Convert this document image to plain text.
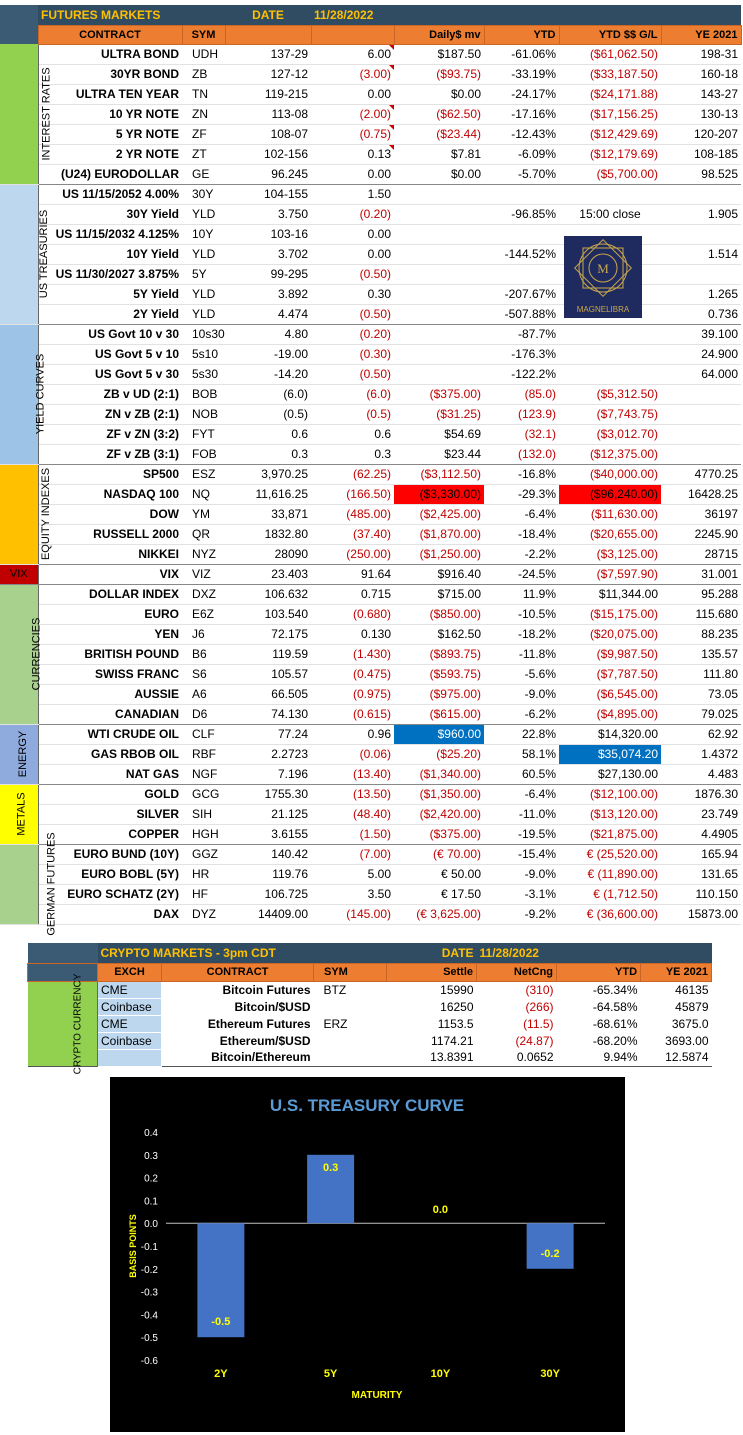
	FUTURES MARKETS		DATE	11/28/2022				
	CONTRACT	SYM			Daily$ mv	YTD	YTD $$ G/L	YE 2021
INTEREST RATES	ULTRA BOND	UDH	137-29	6.00	$187.50	-61.06%	($61,062.50)	198-31
	30YR BOND	ZB	127-12	(3.00)	($93.75)	-33.19%	($33,187.50)	160-18
	ULTRA TEN YEAR	TN	119-215	0.00	$0.00	-24.17%	($24,171.88)	143-27
	10 YR NOTE	ZN	113-08	(2.00)	($62.50)	-17.16%	($17,156.25)	130-13
	5 YR NOTE	ZF	108-07	(0.75)	($23.44)	-12.43%	($12,429.69)	120-207
	2 YR NOTE	ZT	102-156	0.13	$7.81	-6.09%	($12,179.69)	108-185
	(U24) EURODOLLAR	GE	96.245	0.00	$0.00	-5.70%	($5,700.00)	98.525
US TREASURIES	US 11/15/2052 4.00%	30Y	104-155	1.50				
	30Y Yield	YLD	3.750	(0.20)		-96.85%	15:00 close	1.905
	US 11/15/2032 4.125%	10Y	103-16	0.00				
	10Y Yield	YLD	3.702	0.00		-144.52%		1.514
	US 11/30/2027 3.875%	5Y	99-295	(0.50)				
	5Y Yield	YLD	3.892	0.30		-207.67%		1.265
	2Y Yield	YLD	4.474	(0.50)		-507.88%		0.736
YIELD CURVES	US Govt 10 v 30	10s30	4.80	(0.20)		-87.7%		39.100
	US Govt 5 v 10	5s10	-19.00	(0.30)		-176.3%		24.900
	US Govt 5 v 30	5s30	-14.20	(0.50)		-122.2%		64.000
	ZB v UD (2:1)	BOB	(6.0)	(6.0)	($375.00)	(85.0)	($5,312.50)	
	ZN v ZB (2:1)	NOB	(0.5)	(0.5)	($31.25)	(123.9)	($7,743.75)	
	ZF v ZN (3:2)	FYT	0.6	0.6	$54.69	(32.1)	($3,012.70)	
	ZF v ZB (3:1)	FOB	0.3	0.3	$23.44	(132.0)	($12,375.00)	
EQUITY INDEXES	SP500	ESZ	3,970.25	(62.25)	($3,112.50)	-16.8%	($40,000.00)	4770.25
	NASDAQ 100	NQ	11,616.25	(166.50)	($3,330.00)	-29.3%	($96,240.00)	16428.25
	DOW	YM	33,871	(485.00)	($2,425.00)	-6.4%	($11,630.00)	36197
	RUSSELL 2000	QR	1832.80	(37.40)	($1,870.00)	-18.4%	($20,655.00)	2245.90
	NIKKEI	NYZ	28090	(250.00)	($1,250.00)	-2.2%	($3,125.00)	28715
VIX	VIX	VIZ	23.403	91.64	$916.40	-24.5%	($7,597.90)	31.001
CURRENCIES	DOLLAR INDEX	DXZ	106.632	0.715	$715.00	11.9%	$11,344.00	95.288
	EURO	E6Z	103.540	(0.680)	($850.00)	-10.5%	($15,175.00)	115.680
	YEN	J6	72.175	0.130	$162.50	-18.2%	($20,075.00)	88.235
	BRITISH POUND	B6	119.59	(1.430)	($893.75)	-11.8%	($9,987.50)	135.57
	SWISS FRANC	S6	105.57	(0.475)	($593.75)	-5.6%	($7,787.50)	111.80
	AUSSIE	A6	66.505	(0.975)	($975.00)	-9.0%	($6,545.00)	73.05
	CANADIAN	D6	74.130	(0.615)	($615.00)	-6.2%	($4,895.00)	79.025
ENERGY	WTI CRUDE OIL	CLF	77.24	0.96	$960.00	22.8%	$14,320.00	62.92
	GAS RBOB OIL	RBF	2.2723	(0.06)	($25.20)	58.1%	$35,074.20	1.4372
	NAT GAS	NGF	7.196	(13.40)	($1,340.00)	60.5%	$27,130.00	4.483
METALS	GOLD	GCG	1755.30	(13.50)	($1,350.00)	-6.4%	($12,100.00)	1876.30
	SILVER	SIH	21.125	(48.40)	($2,420.00)	-11.0%	($13,120.00)	23.749
	COPPER	HGH	3.6155	(1.50)	($375.00)	-19.5%	($21,875.00)	4.4905
GERMAN FUTURES	EURO BUND (10Y)	GGZ	140.42	(7.00)	(€ 70.00)	-15.4%	€ (25,520.00)	165.94
	EURO BOBL (5Y)	HR	119.76	5.00	€ 50.00	-9.0%	€ (11,890.00)	131.65
	EURO SCHATZ (2Y)	HF	106.725	3.50	€ 17.50	-3.1%	€ (1,712.50)	110.150
	DAX	DYZ	14409.00	(145.00)	(€ 3,625.00)	-9.2%	€ (36,600.00)	15873.00
M
MAGNELIBRA
	CRYPTO MARKETS - 3pm CDT			DATE	11/28/2022		
	EXCH	CONTRACT	SYM	Settle	NetCng	YTD	YE 2021
CRYPTO CURRENCY	CME	Bitcoin Futures	BTZ	15990	(310)	-65.34%	46135
	Coinbase	Bitcoin/$USD		16250	(266)	-64.58%	45879
	CME	Ethereum Futures	ERZ	1153.5	(11.5)	-68.61%	3675.0
	Coinbase	Ethereum/$USD		1174.21	(24.87)	-68.20%	3693.00
		Bitcoin/Ethereum		13.8391	0.0652	9.94%	12.5874
U.S. TREASURY CURVE
0.4
0.3
0.2
0.1
0.0
-0.1
-0.2
-0.3
-0.4
-0.5
-0.6
BASIS POINTS
-0.5
2Y
0.3
5Y
0.0
10Y
-0.2
30Y
MATURITY
